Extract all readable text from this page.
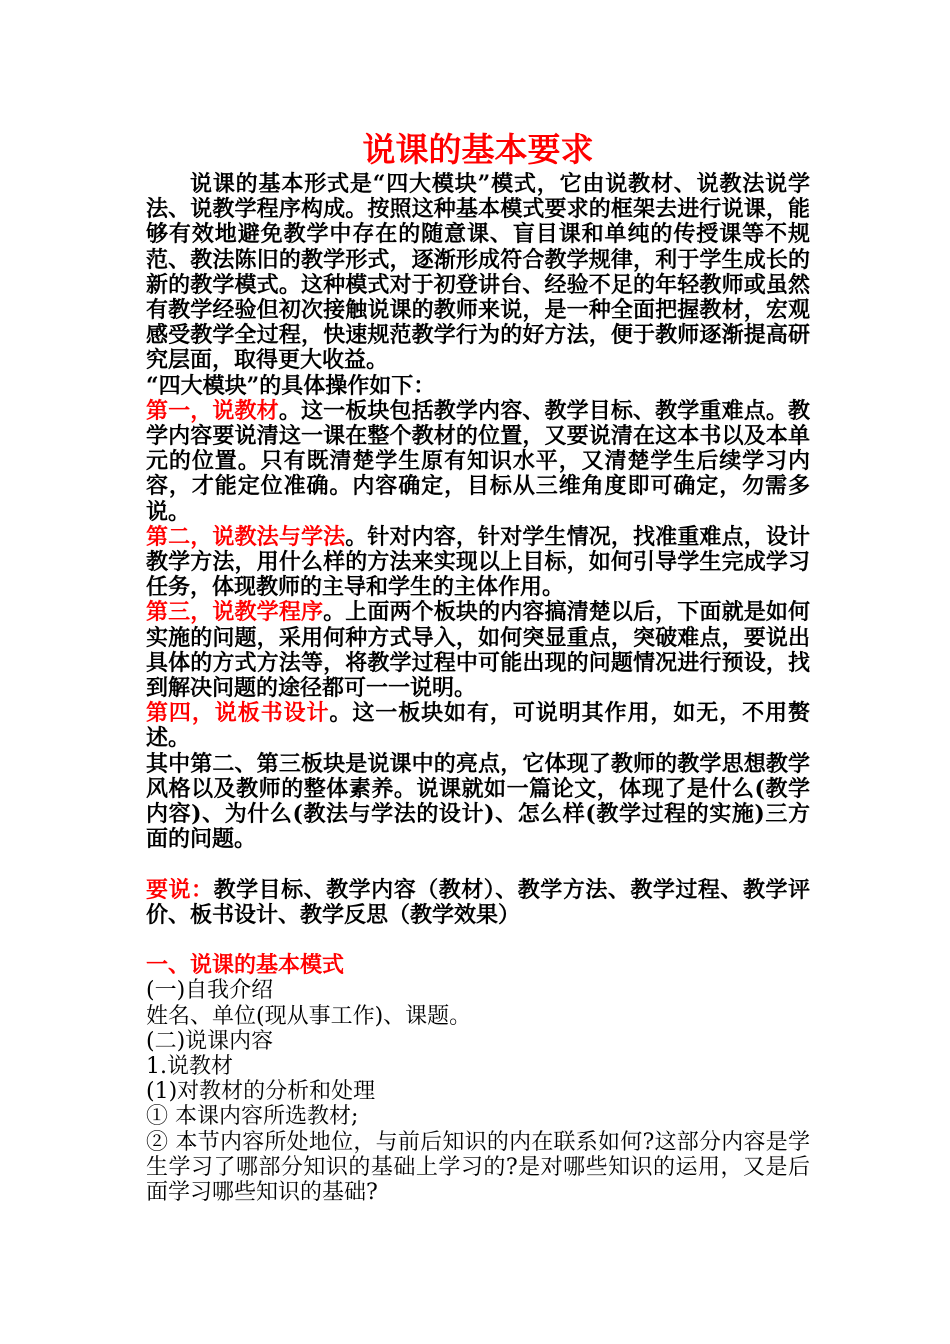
说课的基本要求

说课的基本形式是“四大模块”模式，它由说教材、说教法说学法、说教学程序构成。按照这种基本模式要求的框架去进行说课，能够有效地避免教学中存在的随意课、盲目课和单纯的传授课等不规范、教法陈旧的教学形式，逐渐形成符合教学规律，利于学生成长的新的教学模式。这种模式对于初登讲台、经验不足的年轻教师或虽然有教学经验但初次接触说课的教师来说，是一种全面把握教材，宏观感受教学全过程，快速规范教学行为的好方法，便于教师逐渐提高研究层面，取得更大收益。

“四大模块”的具体操作如下：

第一，说教材。这一板块包括教学内容、教学目标、教学重难点。教学内容要说清这一课在整个教材的位置，又要说清在这本书以及本单元的位置。只有既清楚学生原有知识水平，又清楚学生后续学习内容，才能定位准确。内容确定，目标从三维角度即可确定，勿需多说。

第二，说教法与学法。针对内容，针对学生情况，找准重难点，设计教学方法，用什么样的方法来实现以上目标，如何引导学生完成学习任务，体现教师的主导和学生的主体作用。

第三，说教学程序。上面两个板块的内容搞清楚以后，下面就是如何实施的问题，采用何种方式导入，如何突显重点，突破难点，要说出具体的方式方法等，将教学过程中可能出现的问题情况进行预设，找到解决问题的途径都可一一说明。

第四，说板书设计。这一板块如有，可说明其作用，如无，不用赘述。

其中第二、第三板块是说课中的亮点，它体现了教师的教学思想教学风格以及教师的整体素养。说课就如一篇论文，体现了是什么(教学内容)、为什么(教法与学法的设计)、怎么样(教学过程的实施)三方面的问题。

要说：教学目标、教学内容（教材）、教学方法、教学过程、教学评价、板书设计、教学反思（教学效果）

一、说课的基本模式

(一)自我介绍

姓名、单位(现从事工作)、课题。

(二)说课内容

1.说教材

(1)对教材的分析和处理

① 本课内容所选教材;

② 本节内容所处地位，与前后知识的内在联系如何?这部分内容是学生学习了哪部分知识的基础上学习的?是对哪些知识的运用，又是后面学习哪些知识的基础?
